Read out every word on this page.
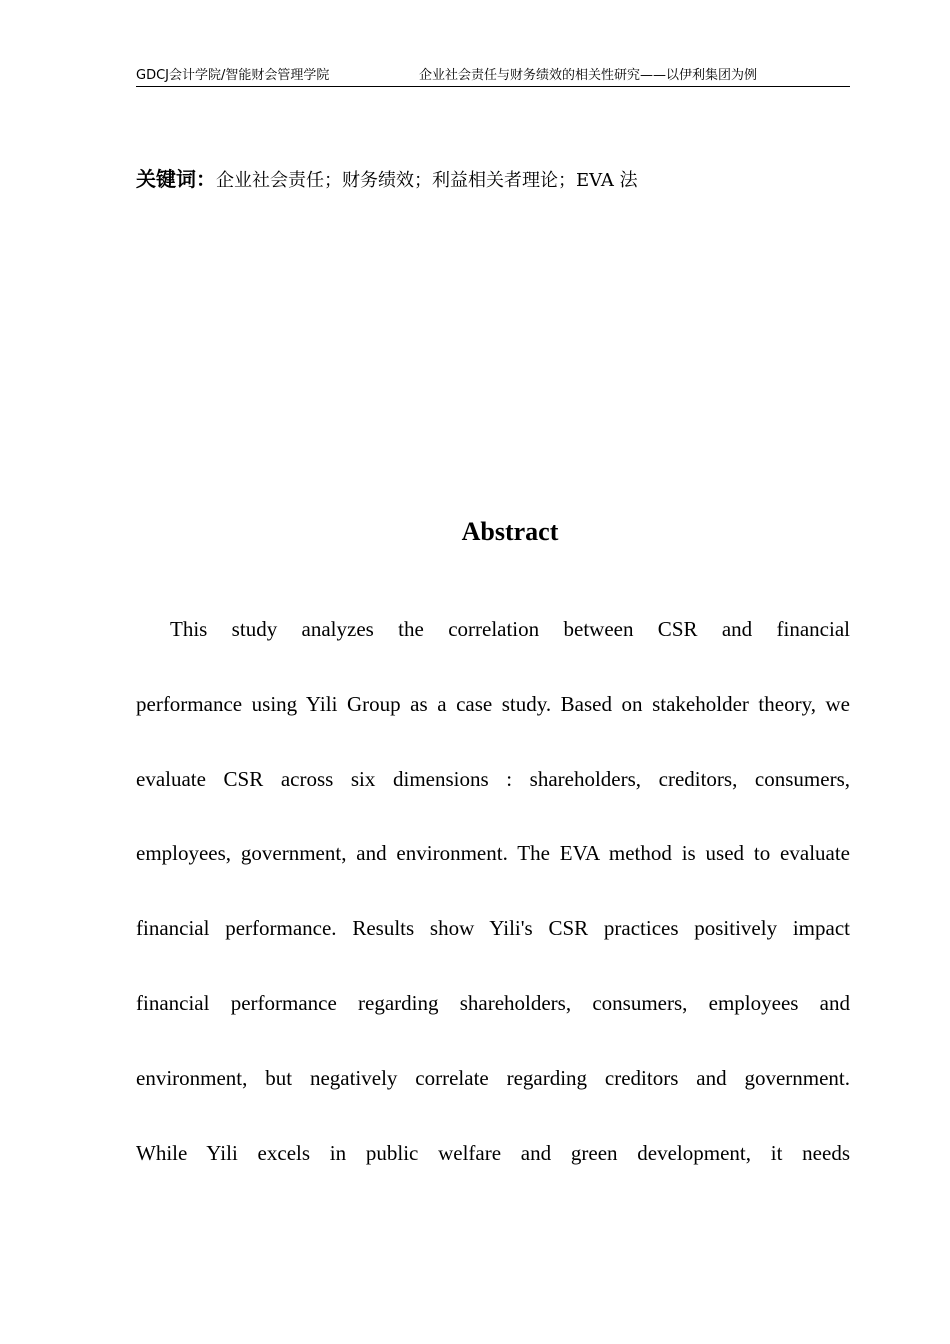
GDCJ会计学院/智能财会管理学院	企业社会责任与财务绩效的相关性研究——以伊利集团为例
关键词：企业社会责任；财务绩效；利益相关者理论；EVA 法
Abstract
This study analyzes the correlation between CSR and financial
performance using Yili Group as a case study. Based on stakeholder theory, we
evaluate CSR across six dimensions : shareholders, creditors, consumers,
employees, government, and environment. The EVA method is used to evaluate
financial performance. Results show Yili's CSR practices positively impact
financial performance regarding shareholders, consumers, employees and
environment, but negatively correlate regarding creditors and government.
While Yili excels in public welfare and green development, it needs
